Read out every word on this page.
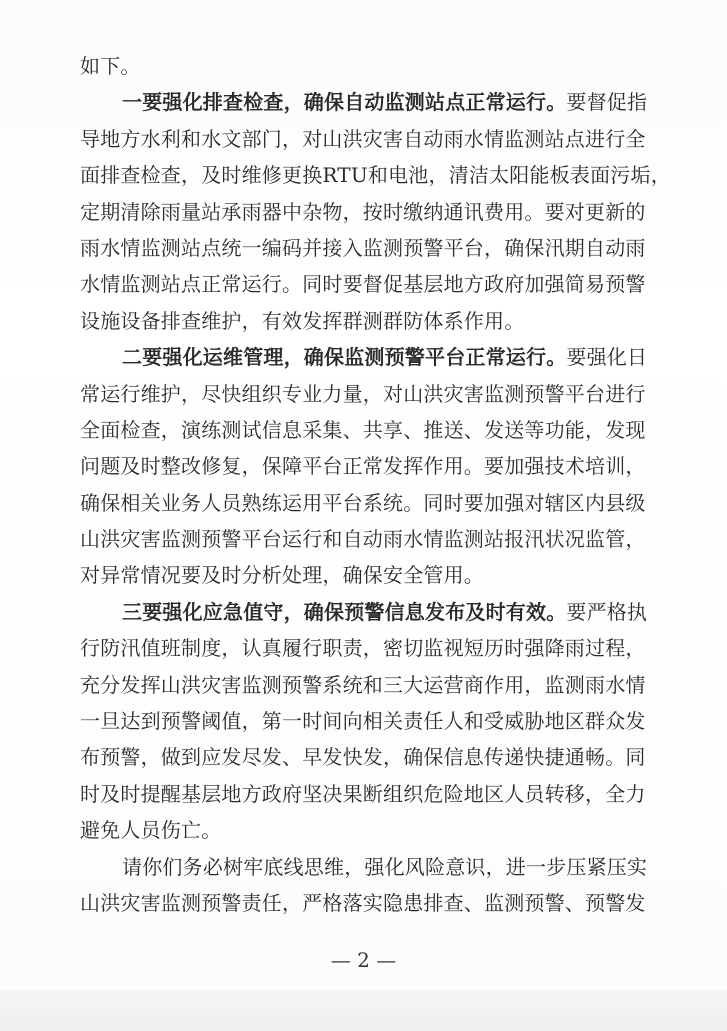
如下。
一要强化排查检查，确保自动监测站点正常运行。要督促指
导地方水利和水文部门，对山洪灾害自动雨水情监测站点进行全
面排查检查，及时维修更换RTU和电池，清洁太阳能板表面污垢，
定期清除雨量站承雨器中杂物，按时缴纳通讯费用。要对更新的
雨水情监测站点统一编码并接入监测预警平台，确保汛期自动雨
水情监测站点正常运行。同时要督促基层地方政府加强简易预警
设施设备排查维护，有效发挥群测群防体系作用。
二要强化运维管理，确保监测预警平台正常运行。要强化日
常运行维护，尽快组织专业力量，对山洪灾害监测预警平台进行
全面检查，演练测试信息采集、共享、推送、发送等功能，发现
问题及时整改修复，保障平台正常发挥作用。要加强技术培训，
确保相关业务人员熟练运用平台系统。同时要加强对辖区内县级
山洪灾害监测预警平台运行和自动雨水情监测站报汛状况监管，
对异常情况要及时分析处理，确保安全管用。
三要强化应急值守，确保预警信息发布及时有效。要严格执
行防汛值班制度，认真履行职责，密切监视短历时强降雨过程，
充分发挥山洪灾害监测预警系统和三大运营商作用，监测雨水情
一旦达到预警阈值，第一时间向相关责任人和受威胁地区群众发
布预警，做到应发尽发、早发快发，确保信息传递快捷通畅。同
时及时提醒基层地方政府坚决果断组织危险地区人员转移，全力
避免人员伤亡。
请你们务必树牢底线思维，强化风险意识，进一步压紧压实
山洪灾害监测预警责任，严格落实隐患排查、监测预警、预警发
— 2 —
